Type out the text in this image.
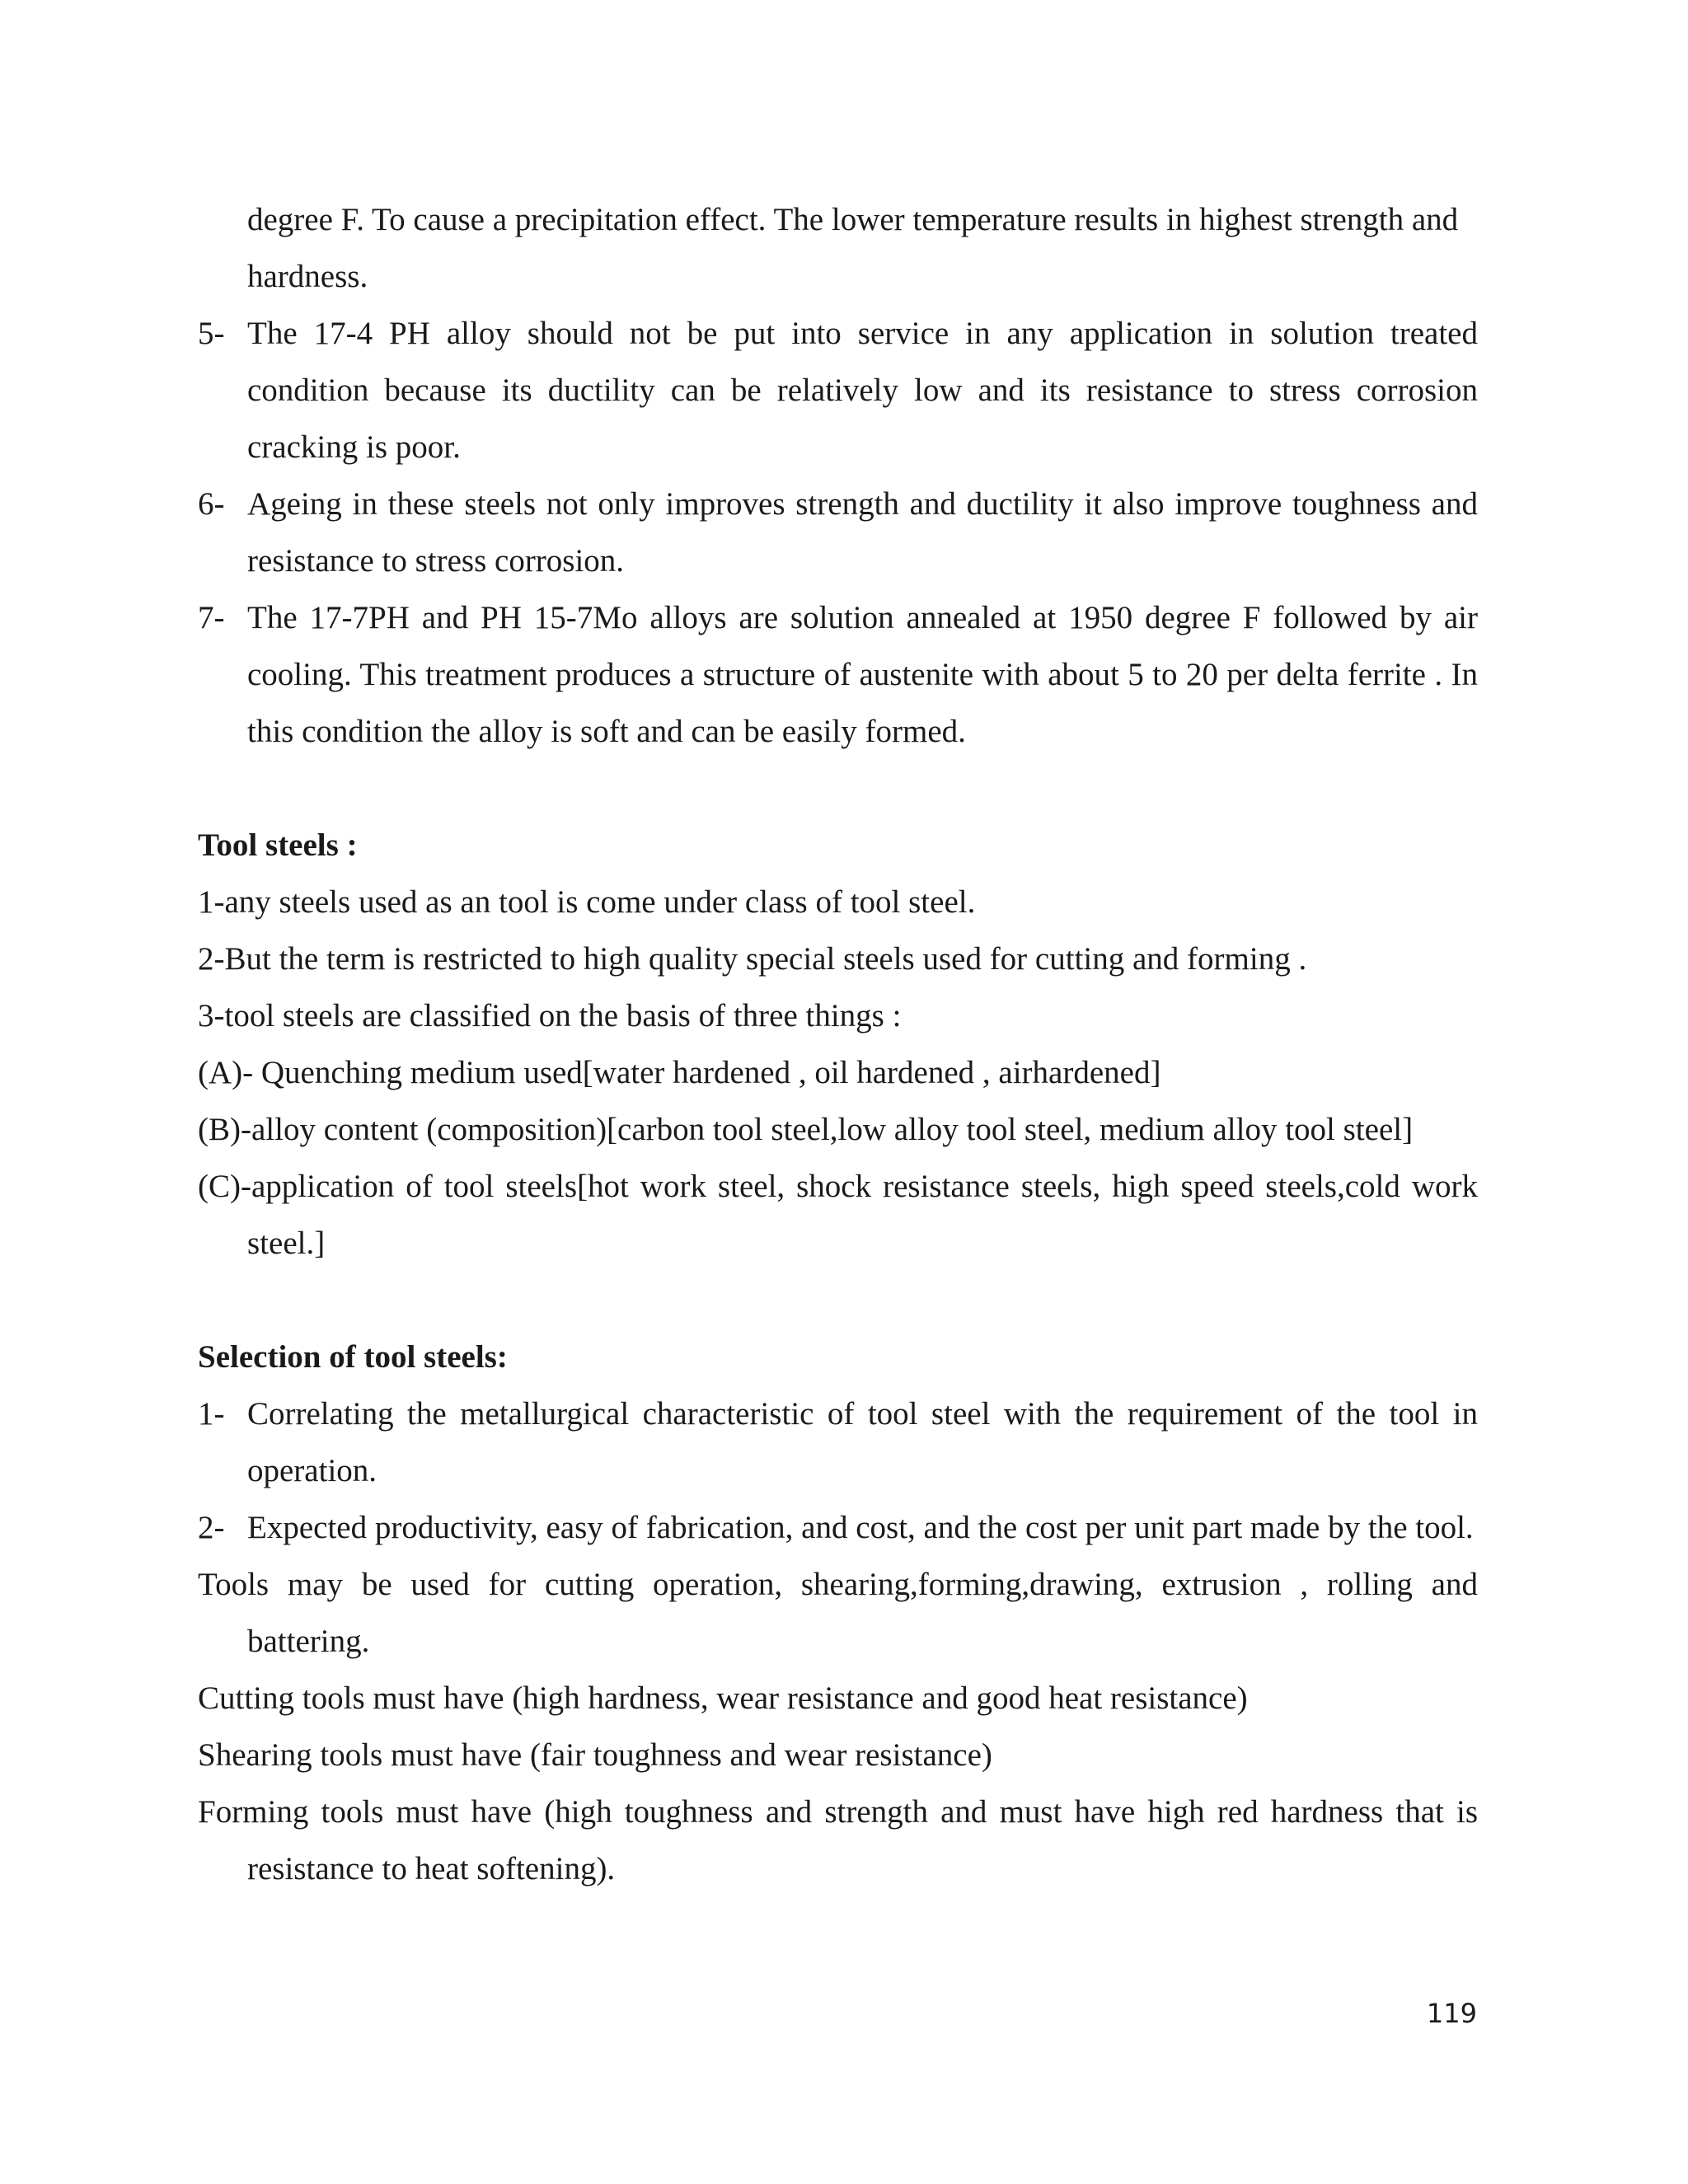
degree F. To cause a precipitation effect. The lower temperature results in highest strength and hardness.

5- The 17-4 PH alloy should not be put into service in any application in solution treated condition because its ductility can be relatively low and its resistance to stress corrosion cracking is poor.

6- Ageing in these steels not only improves strength and ductility it also improve toughness and resistance to stress corrosion.

7- The 17-7PH and PH 15-7Mo alloys are solution annealed at 1950 degree F followed by air cooling. This treatment produces a structure of austenite with about 5 to 20 per delta ferrite . In this condition the alloy is soft and can be easily formed.

Tool steels :

1-any steels used as an tool is come under class of tool steel.

2-But the term is restricted to high quality special steels used for cutting and forming .

3-tool steels are classified on the basis of three things :

(A)- Quenching medium used[water hardened , oil hardened , airhardened]

(B)-alloy content (composition)[carbon tool steel,low alloy tool steel, medium alloy tool steel]

(C)-application of tool steels[hot work steel, shock resistance steels, high speed steels,cold work steel.]

Selection of tool steels:

1- Correlating the metallurgical characteristic of tool steel with the requirement of the tool in operation.

2- Expected productivity, easy of fabrication, and cost, and the cost per unit part made by the tool.

Tools may be used for cutting operation, shearing,forming,drawing, extrusion , rolling and battering.

Cutting tools must have (high hardness, wear resistance and good heat resistance)

Shearing tools must have (fair toughness and wear resistance)

Forming tools must have (high toughness and strength and must have high red hardness that is resistance to heat softening).

119
